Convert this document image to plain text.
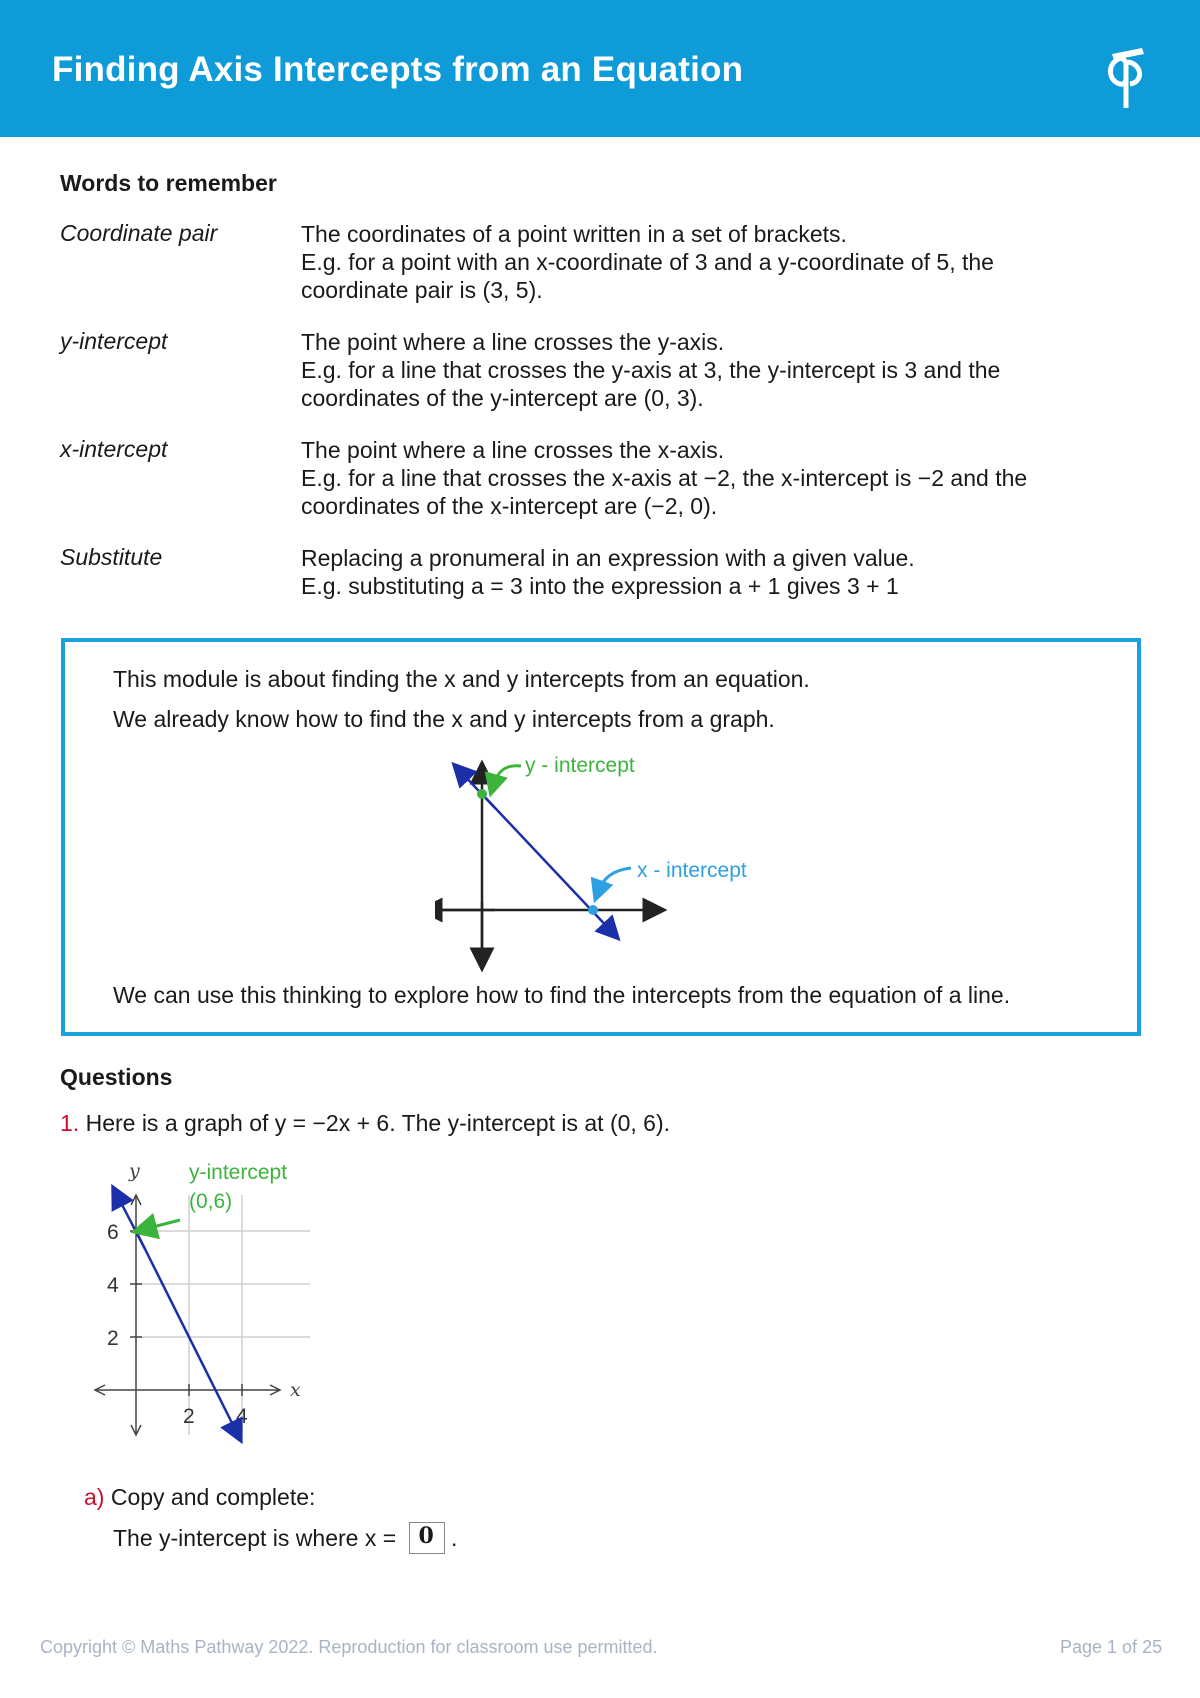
Finding Axis Intercepts from an Equation
Words to remember
Coordinate pair	The coordinates of a point written in a set of brackets.
E.g. for a point with an x-coordinate of 3 and a y-coordinate of 5, the
coordinate pair is (3, 5).
y-intercept	The point where a line crosses the y-axis.
E.g. for a line that crosses the y-axis at 3, the y-intercept is 3 and the
coordinates of the y-intercept are (0, 3).
x-intercept	The point where a line crosses the x-axis.
E.g. for a line that crosses the x-axis at −2, the x-intercept is −2 and the
coordinates of the x-intercept are (−2, 0).
Substitute	Replacing a pronumeral in an expression with a given value.
E.g. substituting a = 3 into the expression a + 1 gives 3 + 1
This module is about finding the x and y intercepts from an equation.
We already know how to find the x and y intercepts from a graph.
y - intercept
x - intercept
We can use this thinking to explore how to find the intercepts from the equation of a line.
Questions
1. Here is a graph of y = −2x + 6. The y-intercept is at (0, 6).
6
4
2
2 4
y
x
y-intercept
(0,6)
a) Copy and complete:
The y-intercept is where x = 0 .
Copyright © Maths Pathway 2022. Reproduction for classroom use permitted.	Page 1 of 25
